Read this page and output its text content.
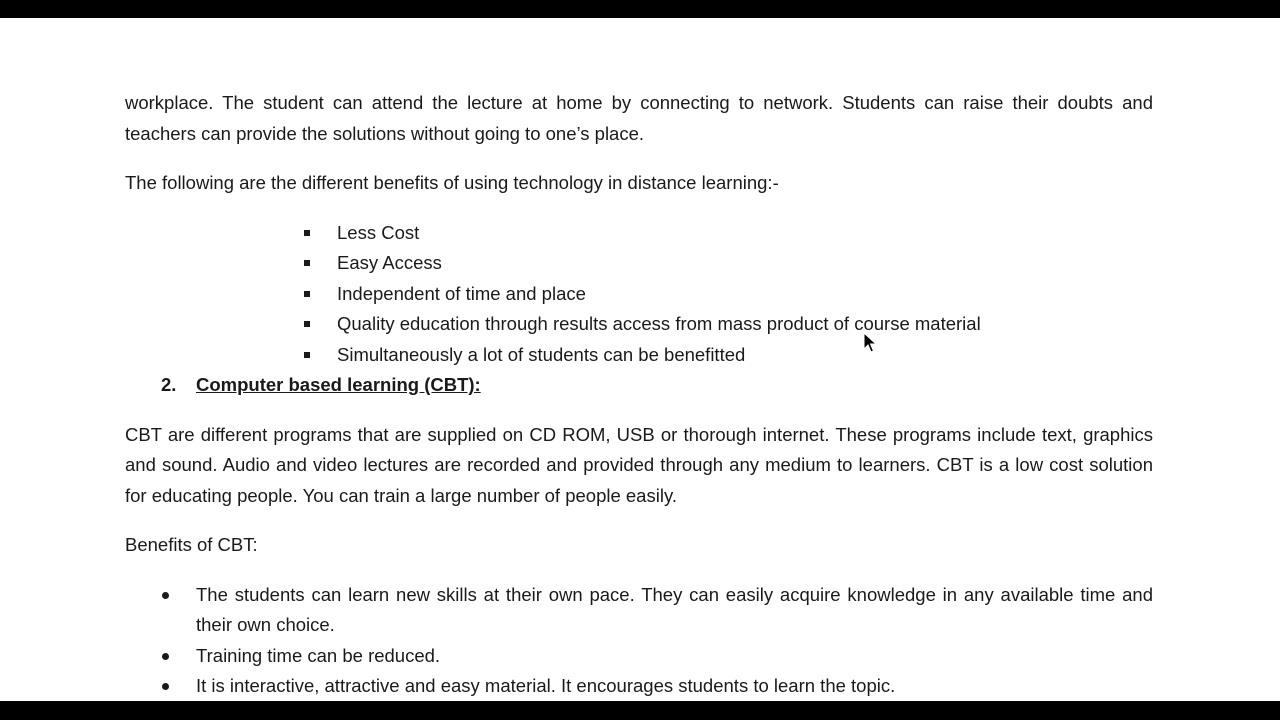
workplace. The student can attend the lecture at home by connecting to network. Students can raise their doubts and teachers can provide the solutions without going to one’s place.

The following are the different benefits of using technology in distance learning:-

Less Cost
Easy Access
Independent of time and place
Quality education through results access from mass product of course material
Simultaneously a lot of students can be benefitted
2. Computer based learning (CBT):

CBT are different programs that are supplied on CD ROM, USB or thorough internet. These programs include text, graphics and sound. Audio and video lectures are recorded and provided through any medium to learners. CBT is a low cost solution for educating people. You can train a large number of people easily.

Benefits of CBT:

The students can learn new skills at their own pace. They can easily acquire knowledge in any available time and their own choice.
Training time can be reduced.
It is interactive, attractive and easy material. It encourages students to learn the topic.
